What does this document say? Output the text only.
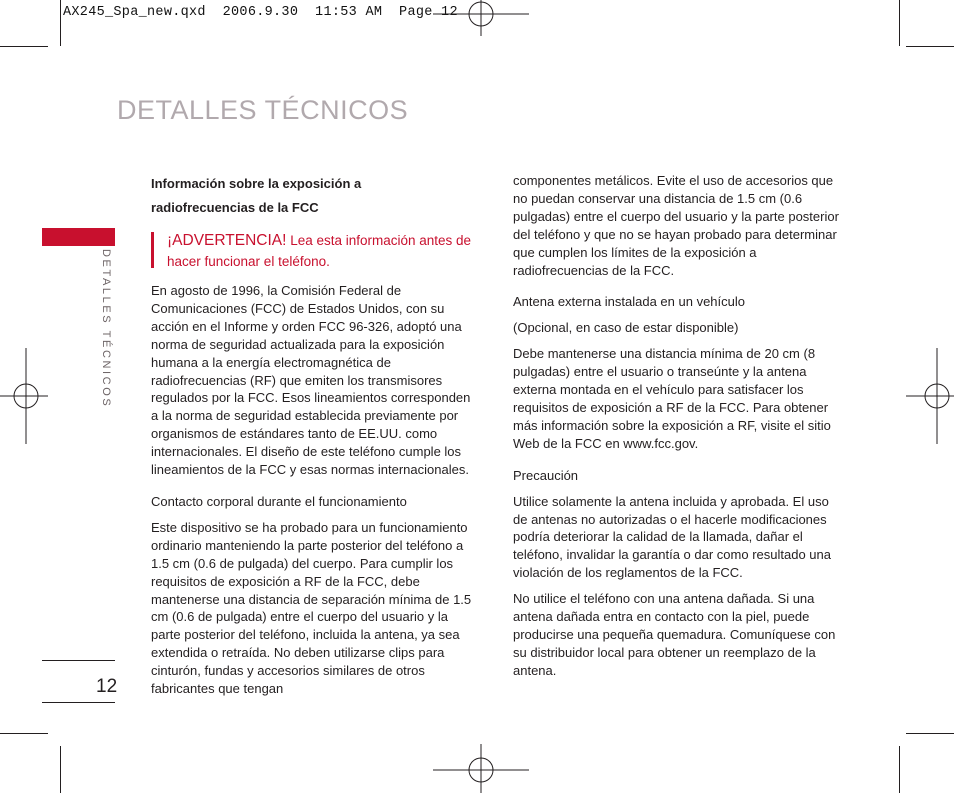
AX245_Spa_new.qxd  2006.9.30  11:53 AM  Page 12
DETALLES TÉCNICOS
DETALLES TÉCNICOS
12

Información sobre la exposición a
radiofrecuencias de la FCC

¡ADVERTENCIA! Lea esta información antes de hacer funcionar el teléfono.

En agosto de 1996, la Comisión Federal de Comunicaciones (FCC) de Estados Unidos, con su acción en el Informe y orden FCC 96-326, adoptó una norma de seguridad actualizada para la exposición humana a la energía electromagnética de radiofrecuencias (RF) que emiten los transmisores regulados por la FCC. Esos lineamientos corresponden a la norma de seguridad establecida previamente por organismos de estándares tanto de EE.UU. como internacionales. El diseño de este teléfono cumple los lineamientos de la FCC y esas normas internacionales.

Contacto corporal durante el funcionamiento

Este dispositivo se ha probado para un funcionamiento ordinario manteniendo la parte posterior del teléfono a 1.5 cm (0.6 de pulgada) del cuerpo. Para cumplir los requisitos de exposición a RF de la FCC, debe mantenerse una distancia de separación mínima de 1.5 cm (0.6 de pulgada) entre el cuerpo del usuario y la parte posterior del teléfono, incluida la antena, ya sea extendida o retraída. No deben utilizarse clips para cinturón, fundas y accesorios similares de otros fabricantes que tengan

componentes metálicos. Evite el uso de accesorios que no puedan conservar una distancia de 1.5 cm (0.6 pulgadas) entre el cuerpo del usuario y la parte posterior del teléfono y que no se hayan probado para determinar que cumplen los límites de la exposición a radiofrecuencias de la FCC.

Antena externa instalada en un vehículo

(Opcional, en caso de estar disponible)

Debe mantenerse una distancia mínima de 20 cm (8 pulgadas) entre el usuario o transeúnte y la antena externa montada en el vehículo para satisfacer los requisitos de exposición a RF de la FCC. Para obtener más información sobre la exposición a RF, visite el sitio Web de la FCC en www.fcc.gov.

Precaución

Utilice solamente la antena incluida y aprobada. El uso de antenas no autorizadas o el hacerle modificaciones podría deteriorar la calidad de la llamada, dañar el teléfono, invalidar la garantía o dar como resultado una violación de los reglamentos de la FCC.

No utilice el teléfono con una antena dañada. Si una antena dañada entra en contacto con la piel, puede producirse una pequeña quemadura. Comuníquese con su distribuidor local para obtener un reemplazo de la antena.
